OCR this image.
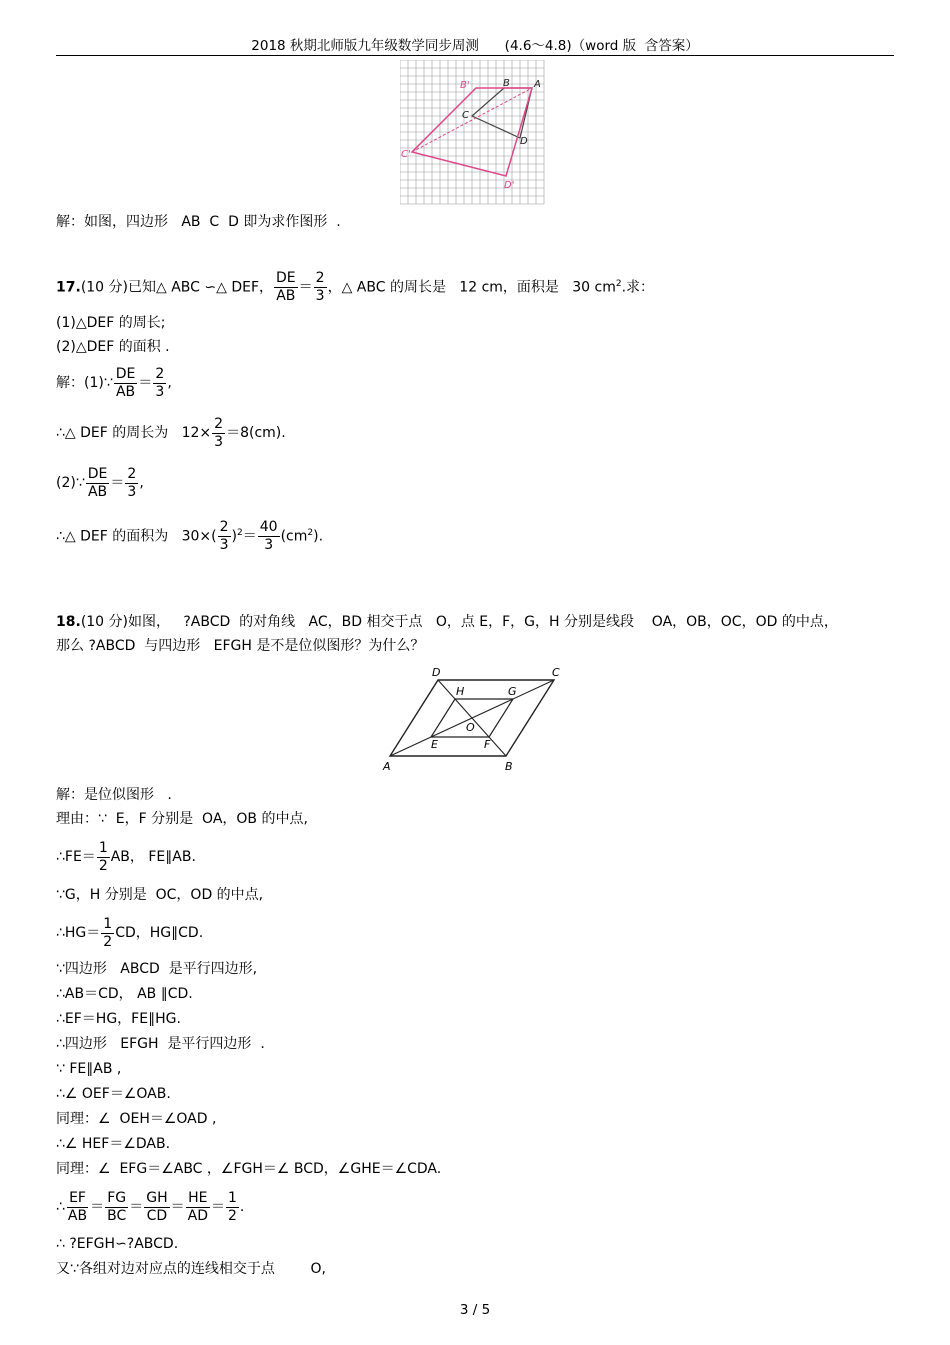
2018 秋期北师版九年级数学同步周测      (4.6～4.8)（word 版  含答案）
B'	B A
C
D
C'
D'
解：如图，四边形   AB  C  D 即为求作图形  .
17.(10 分)已知△ ABC ∽△ DEF， $\frac{DE}{AB} = \frac{2}{3}$ ，△ ABC 的周长是   12 cm，面积是   30 $cm^2$.求：
(1)△DEF 的周长;
(2)△DEF 的面积 .
解：(1)∵ $\frac{DE}{AB} = \frac{2}{3}$ ,
∴△ DEF 的周长为   $12\times \frac{2}{3} =8(cm)$.
(2)∵ $\frac{DE}{AB} = \frac{2}{3}$ ,
∴△ DEF 的面积为   $30\times( \frac{2}{3} )^2= \frac{40}{3} (cm^2)$.
18.(10 分)如图，   ?ABCD  的对角线   AC，BD 相交于点   O，点 E，F，G，H 分别是线段    OA，OB，OC，OD 的中点，
那么 ?ABCD  与四边形   EFGH 是不是位似图形？为什么？
D	C
H	G
O
E	F
A	B
解：是位似图形   .
理由：∵  E，F 分别是  OA，OB 的中点,
∴FE＝ $\frac{1}{2}$ AB， FE∥AB.
∵G，H 分别是  OC，OD 的中点,
∴HG＝ $\frac{1}{2}$ CD，HG∥CD.
∵四边形   ABCD  是平行四边形,
∴AB＝CD， AB ∥CD.
∴EF＝HG，FE∥HG.
∴四边形   EFGH  是平行四边形  .
∵ FE∥AB ,
∴∠ OEF＝∠OAB.
同理：∠  OEH＝∠OAD ,
∴∠ HEF＝∠DAB.
同理：∠  EFG＝∠ABC ，∠FGH＝∠ BCD，∠GHE＝∠CDA.
∴ $\frac{EF}{AB} = \frac{FG}{BC} = \frac{GH}{CD} = \frac{HE}{AD} = \frac{1}{2}$ .
∴ ?EFGH∽?ABCD.
又∵各组对边对应点的连线相交于点        O,
3 / 5
